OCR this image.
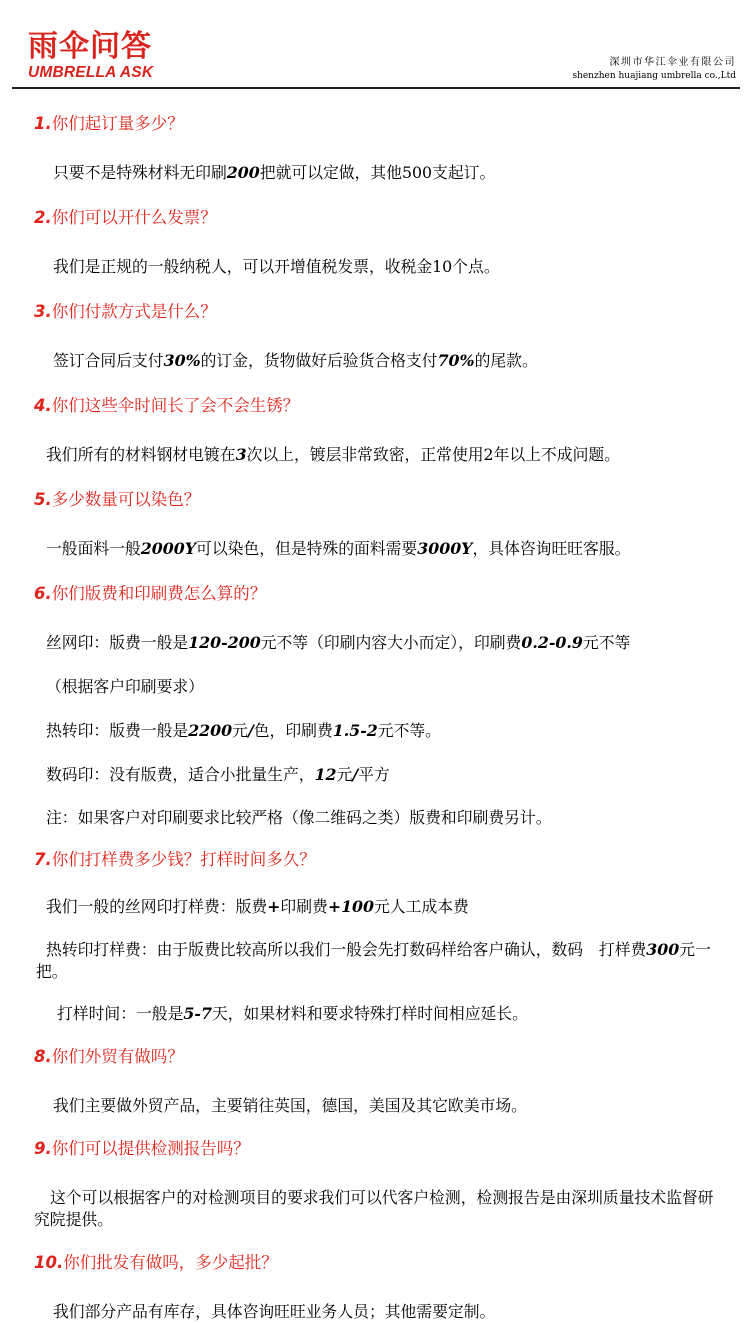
雨伞问答
UMBRELLA ASK
深圳市华江伞业有限公司
shenzhen huajiang umbrella co.,Ltd
1.你们起订量多少？

只要不是特殊材料无印刷200把就可以定做，其他500支起订。

2.你们可以开什么发票？

我们是正规的一般纳税人，可以开增值税发票，收税金10个点。

3.你们付款方式是什么？

签订合同后支付30%的订金，货物做好后验货合格支付70%的尾款。

4.你们这些伞时间长了会不会生锈？

我们所有的材料钢材电镀在3次以上，镀层非常致密，正常使用2年以上不成问题。

5.多少数量可以染色？

一般面料一般2000Y可以染色，但是特殊的面料需要3000Y，具体咨询旺旺客服。

6.你们版费和印刷费怎么算的？

丝网印：版费一般是120-200元不等（印刷内容大小而定），印刷费0.2-0.9元不等

（根据客户印刷要求）

热转印：版费一般是2200元/色，印刷费1.5-2元不等。

数码印：没有版费，适合小批量生产，12元/平方

注：如果客户对印刷要求比较严格（像二维码之类）版费和印刷费另计。

7.你们打样费多少钱？打样时间多久？

我们一般的丝网印打样费：版费+印刷费+100元人工成本费

热转印打样费：由于版费比较高所以我们一般会先打数码样给客户确认，数码　打样费300元一把。

打样时间：一般是5-7天，如果材料和要求特殊打样时间相应延长。

8.你们外贸有做吗？

我们主要做外贸产品，主要销往英国，德国，美国及其它欧美市场。

9.你们可以提供检测报告吗？

这个可以根据客户的对检测项目的要求我们可以代客户检测，检测报告是由深圳质量技术监督研究院提供。

10.你们批发有做吗，多少起批？

我们部分产品有库存，具体咨询旺旺业务人员；其他需要定制。
